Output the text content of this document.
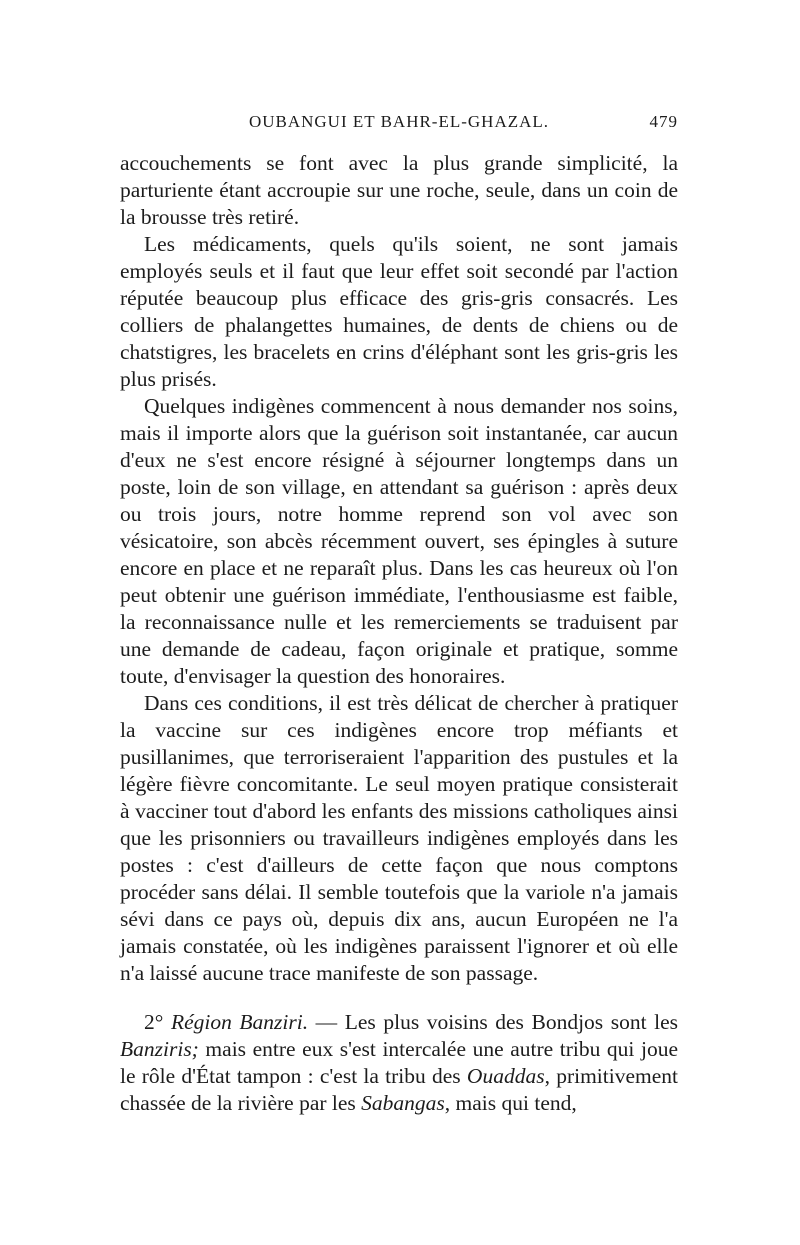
OUBANGUI ET BAHR-EL-GHAZAL.	479

accouchements se font avec la plus grande simplicité, la parturiente étant accroupie sur une roche, seule, dans un coin de la brousse très retiré.

Les médicaments, quels qu'ils soient, ne sont jamais employés seuls et il faut que leur effet soit secondé par l'action réputée beaucoup plus efficace des gris-gris consacrés. Les colliers de phalangettes humaines, de dents de chiens ou de chatstigres, les bracelets en crins d'éléphant sont les gris-gris les plus prisés.

Quelques indigènes commencent à nous demander nos soins, mais il importe alors que la guérison soit instantanée, car aucun d'eux ne s'est encore résigné à séjourner longtemps dans un poste, loin de son village, en attendant sa guérison : après deux ou trois jours, notre homme reprend son vol avec son vésicatoire, son abcès récemment ouvert, ses épingles à suture encore en place et ne reparaît plus. Dans les cas heureux où l'on peut obtenir une guérison immédiate, l'enthousiasme est faible, la reconnaissance nulle et les remerciements se traduisent par une demande de cadeau, façon originale et pratique, somme toute, d'envisager la question des honoraires.

Dans ces conditions, il est très délicat de chercher à pratiquer la vaccine sur ces indigènes encore trop méfiants et pusillanimes, que terroriseraient l'apparition des pustules et la légère fièvre concomitante. Le seul moyen pratique consisterait à vacciner tout d'abord les enfants des missions catholiques ainsi que les prisonniers ou travailleurs indigènes employés dans les postes : c'est d'ailleurs de cette façon que nous comptons procéder sans délai. Il semble toutefois que la variole n'a jamais sévi dans ce pays où, depuis dix ans, aucun Européen ne l'a jamais constatée, où les indigènes paraissent l'ignorer et où elle n'a laissé aucune trace manifeste de son passage.

2° Région Banziri. — Les plus voisins des Bondjos sont les Banziris; mais entre eux s'est intercalée une autre tribu qui joue le rôle d'État tampon : c'est la tribu des Ouaddas, primitivement chassée de la rivière par les Sabangas, mais qui tend,
